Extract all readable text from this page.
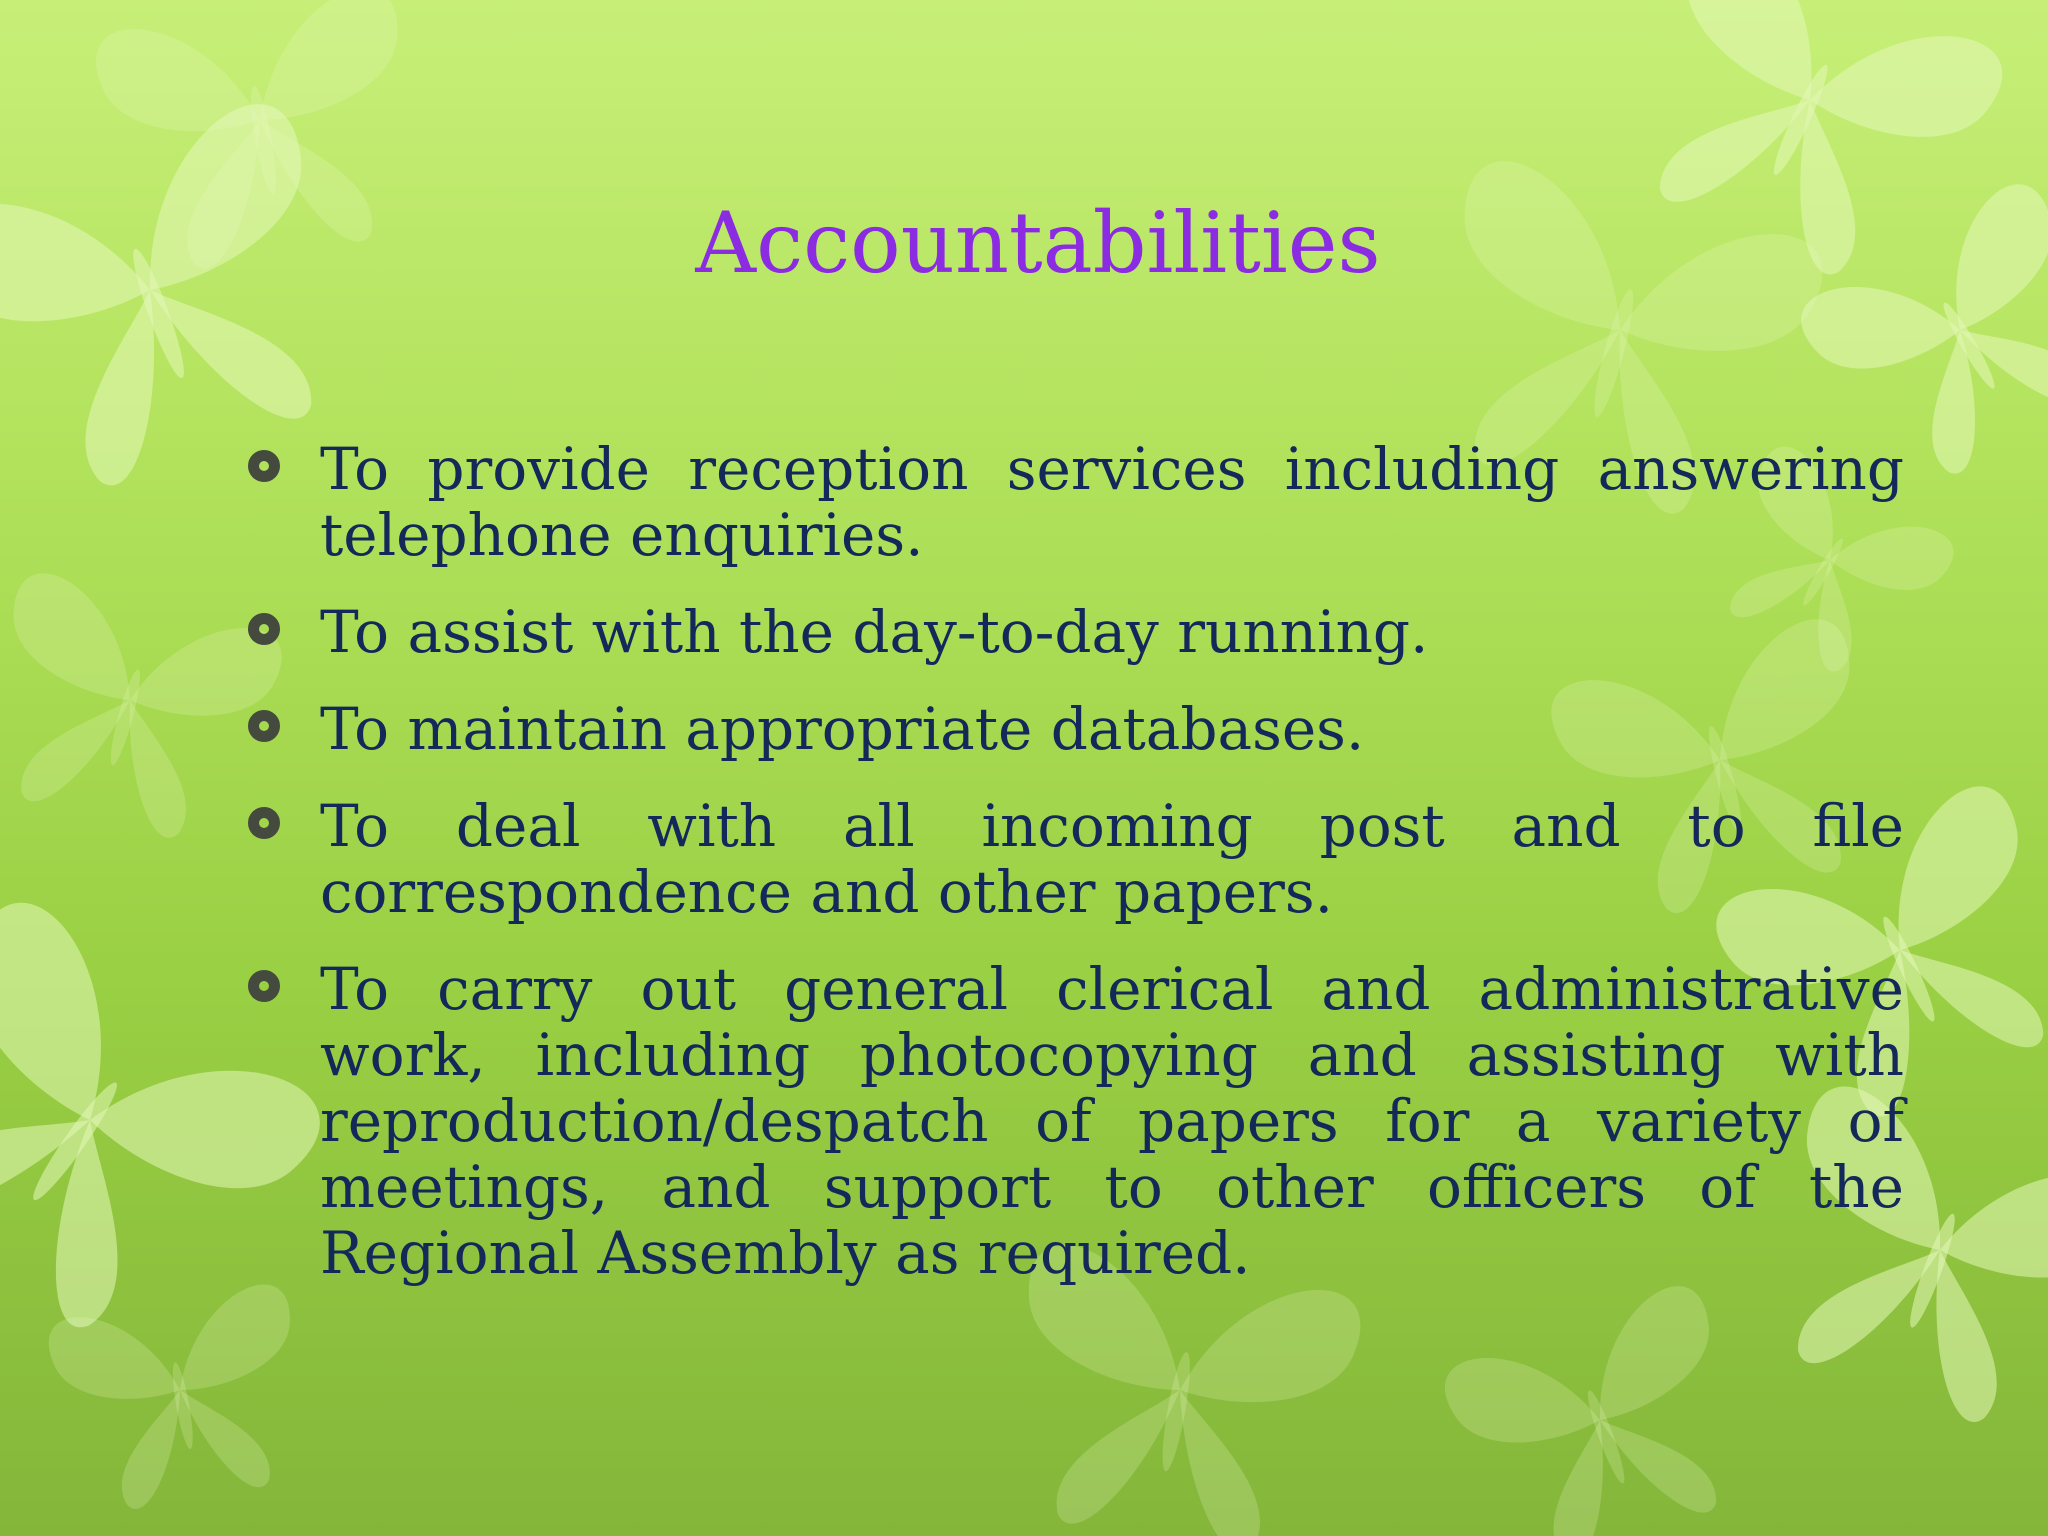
Accountabilities
To provide reception services including answering telephone enquiries.
To assist with the day-to-day running.
To maintain appropriate databases.
To deal with all incoming post and to file correspondence and other papers.
To carry out general clerical and administrative work, including photocopying and assisting with reproduction/despatch of papers for a variety of meetings, and support to other officers of the Regional Assembly as required.
